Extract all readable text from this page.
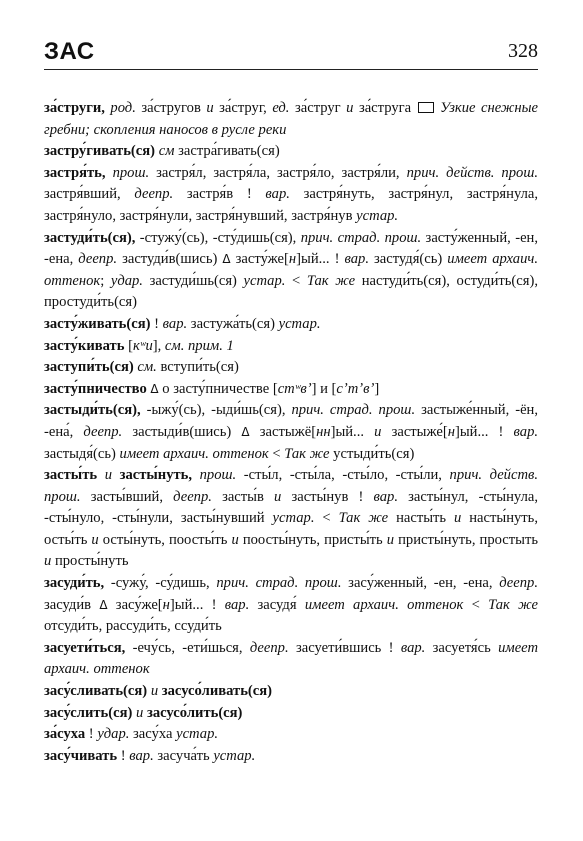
ЗАС	328
за́струги, род. за́стругов и за́струг, ед. за́струг и за́струга  Узкие снежные гребни; скопления наносов в русле реки
застру́гивать(ся) см застра́гивать(ся)
застря́ть, прош. застря́л, застря́ла, застря́ло, застря́ли, прич. действ. прош. застря́вший, деепр. застря́в ! вар. застря́нуть, застря́нул, застря́нула, застря́нуло, застря́нули, застря́нувший, застря́нув устар.
застуди́ть(ся), -стужу́(сь), -сту́дишь(ся), прич. страд. прош. засту́женный, -ен, -ена, деепр. застуди́в(шись) Δ засту́же[н]ый... ! вар. застудя́(сь) имеет архаич. оттенок; удар. застуди́шь(ся) устар. < Так же настуди́ть(ся), остуди́ть(ся), простуди́ть(ся)
засту́живать(ся) ! вар. застужа́ть(ся) устар.
засту́кивать [кʷи], см. прим. 1
заступи́ть(ся) см. вступи́ть(ся)
засту́пничество Δ о засту́пничестве [стʷвʼ] и [сʼтʼвʼ]
застыди́ть(ся), -ыжу́(сь), -ыди́шь(ся), прич. страд. прош. застыже́нный, -ён, -ена́, деепр. застыди́в(шись) Δ застыжё[нн]ый... и застыже́[н]ый... ! вар. застыдя́(сь) имеет архаич. оттенок < Так же устыди́ть(ся)
засты́ть и засты́нуть, прош. -сты́л, -сты́ла, -сты́ло, -сты́ли, прич. действ. прош. засты́вший, деепр. засты́в и засты́нув ! вар. засты́нул, -сты́нула, -сты́нуло, -сты́нули, засты́нувший устар. < Так же насты́ть и насты́нуть, осты́ть и осты́нуть, поосты́ть и поосты́нуть, присты́ть и присты́нуть, простыть и просты́нуть
засуди́ть, -сужу́, -су́дишь, прич. страд. прош. засу́женный, -ен, -ена, деепр. засуди́в Δ засу́же[н]ый... ! вар. засудя́ имеет архаич. оттенок < Так же отсуди́ть, рассуди́ть, ссуди́ть
засуети́ться, -ечу́сь, -ети́шься, деепр. засуети́вшись ! вар. засуетя́сь имеет архаич. оттенок
засу́сливать(ся) и засусо́ливать(ся)
засу́слить(ся) и засусо́лить(ся)
за́суха ! удар. засу́ха устар.
засу́чивать ! вар. засуча́ть устар.
